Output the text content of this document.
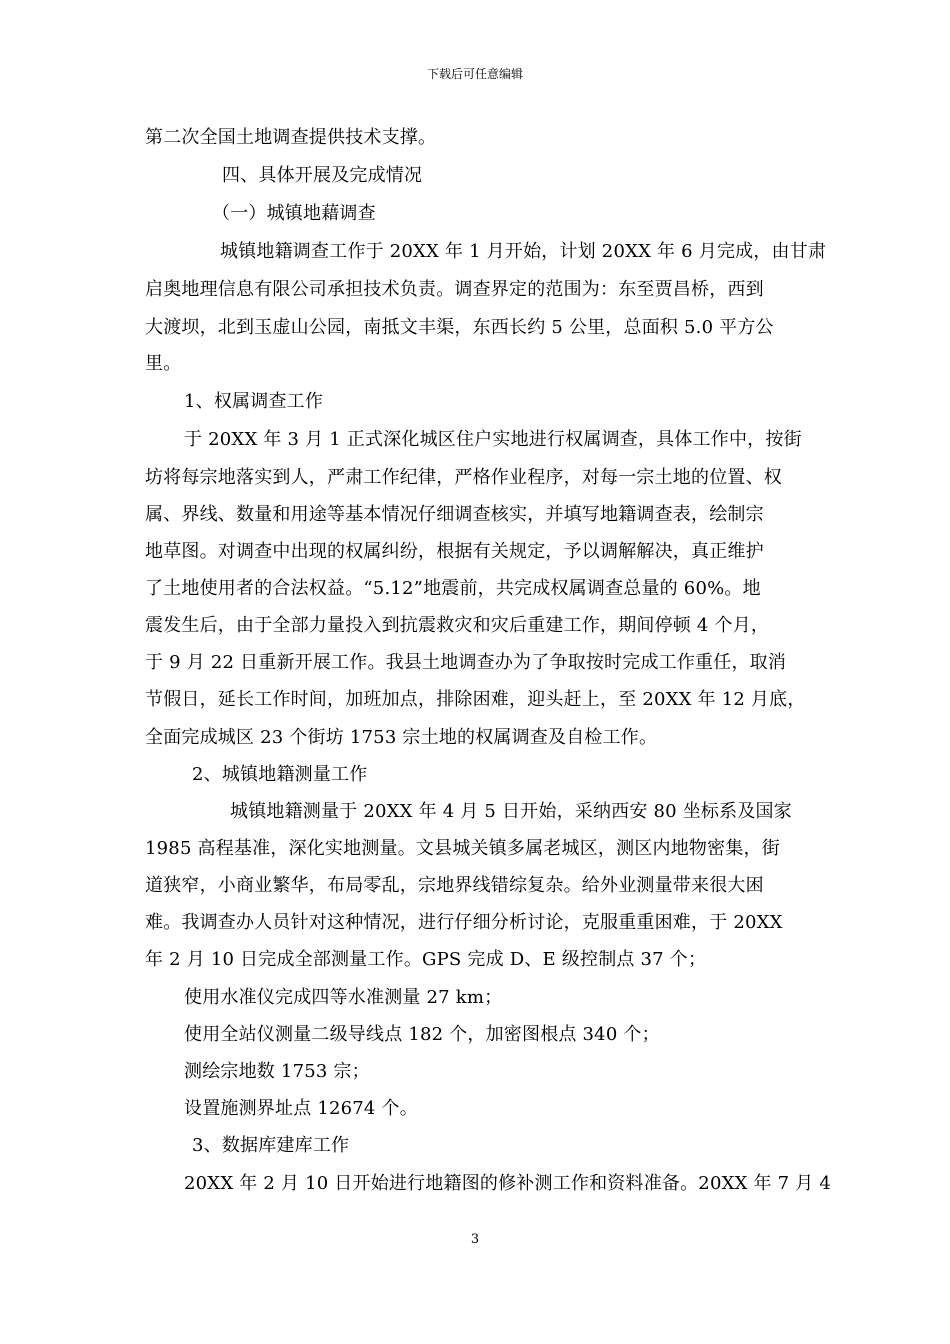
下载后可任意编辑
第二次全国土地调查提供技术支撑。
四、具体开展及完成情况
（一）城镇地藉调查
城镇地籍调查工作于 20XX 年 1 月开始，计划 20XX 年 6 月完成，由甘肃
启奥地理信息有限公司承担技术负责。调查界定的范围为：东至贾昌桥，西到
大渡坝，北到玉虚山公园，南抵文丰渠，东西长约 5 公里，总面积 5.0 平方公
里。
1、权属调查工作
于 20XX 年 3 月 1 正式深化城区住户实地进行权属调查，具体工作中，按街
坊将每宗地落实到人，严肃工作纪律，严格作业程序，对每一宗土地的位置、权
属、界线、数量和用途等基本情况仔细调查核实，并填写地籍调查表，绘制宗
地草图。对调查中出现的权属纠纷，根据有关规定，予以调解解决，真正维护
了土地使用者的合法权益。“5.12”地震前，共完成权属调查总量的 60%。地
震发生后，由于全部力量投入到抗震救灾和灾后重建工作，期间停顿 4 个月，
于 9 月 22 日重新开展工作。我县土地调查办为了争取按时完成工作重任，取消
节假日，延长工作时间，加班加点，排除困难，迎头赶上，至 20XX 年 12 月底，
全面完成城区 23 个街坊 1753 宗土地的权属调查及自检工作。
2、城镇地籍测量工作
城镇地籍测量于 20XX 年 4 月 5 日开始，采纳西安 80 坐标系及国家
1985 高程基准，深化实地测量。文县城关镇多属老城区，测区内地物密集，街
道狭窄，小商业繁华，布局零乱，宗地界线错综复杂。给外业测量带来很大困
难。我调查办人员针对这种情况，进行仔细分析讨论，克服重重困难，于 20XX
年 2 月 10 日完成全部测量工作。GPS 完成 D、E 级控制点 37 个；
使用水准仪完成四等水准测量 27 km；
使用全站仪测量二级导线点 182 个，加密图根点 340 个；
测绘宗地数 1753 宗；
设置施测界址点 12674 个。
3、数据库建库工作
20XX 年 2 月 10 日开始进行地籍图的修补测工作和资料准备。20XX 年 7 月 4
3
